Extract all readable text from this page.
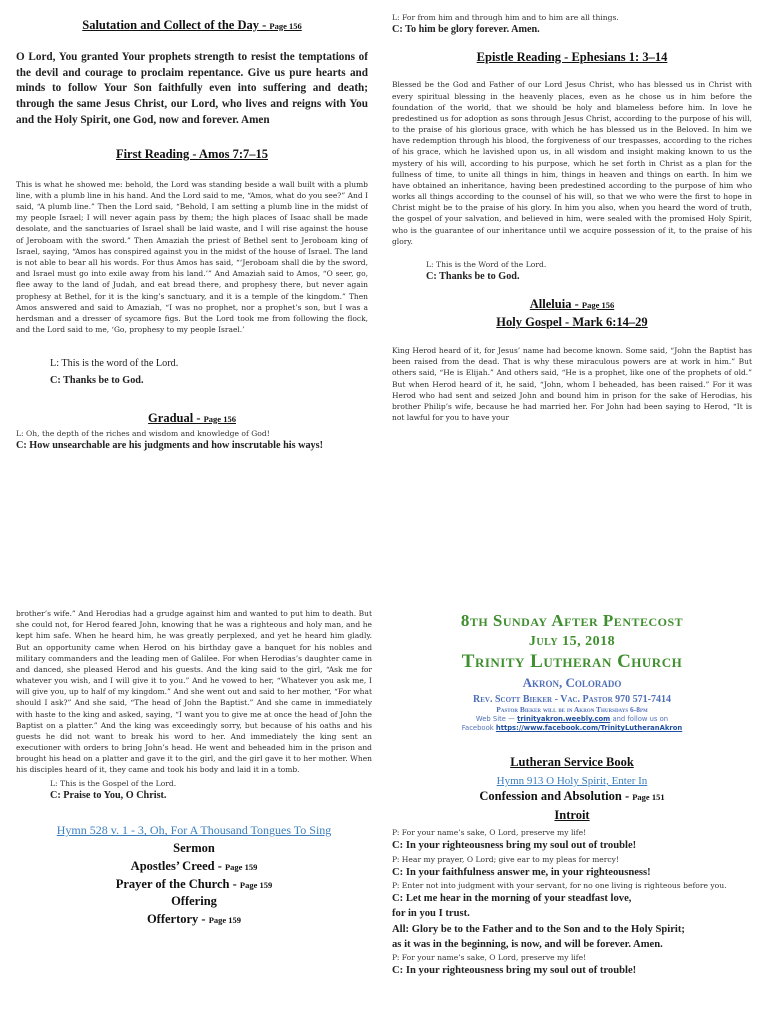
Salutation and Collect of the Day - Page 156

O Lord, You granted Your prophets strength to resist the temptations of the devil and courage to proclaim repentance. Give us pure hearts and minds to follow Your Son faithfully even into suffering and death; through the same Jesus Christ, our Lord, who lives and reigns with You and the Holy Spirit, one God, now and forever. Amen

First Reading - Amos 7:7–15

This is what he showed me: behold, the Lord was standing beside a wall built with a plumb line, with a plumb line in his hand. And the Lord said to me, “Amos, what do you see?” And I said, “A plumb line.” Then the Lord said, “Behold, I am setting a plumb line in the midst of my people Israel; I will never again pass by them; the high places of Isaac shall be made desolate, and the sanctuaries of Israel shall be laid waste, and I will rise against the house of Jeroboam with the sword.” Then Amaziah the priest of Bethel sent to Jeroboam king of Israel, saying, “Amos has conspired against you in the midst of the house of Israel. The land is not able to bear all his words. For thus Amos has said, “‘Jeroboam shall die by the sword, and Israel must go into exile away from his land.’” And Amaziah said to Amos, “O seer, go, flee away to the land of Judah, and eat bread there, and prophesy there, but never again prophesy at Bethel, for it is the king’s sanctuary, and it is a temple of the kingdom.” Then Amos answered and said to Amaziah, “I was no prophet, nor a prophet’s son, but I was a herdsman and a dresser of sycamore figs. But the Lord took me from following the flock, and the Lord said to me, ‘Go, prophesy to my people Israel.’

L: This is the word of the Lord.
C: Thanks be to God.
Gradual - Page 156
L: Oh, the depth of the riches and wisdom and knowledge of God!
C: How unsearchable are his judgments and how inscrutable his ways!
L: For from him and through him and to him are all things.
C: To him be glory forever. Amen.
Epistle Reading - Ephesians 1: 3–14

Blessed be the God and Father of our Lord Jesus Christ, who has blessed us in Christ with every spiritual blessing in the heavenly places, even as he chose us in him before the foundation of the world, that we should be holy and blameless before him. In love he predestined us for adoption as sons through Jesus Christ, according to the purpose of his will, to the praise of his glorious grace, with which he has blessed us in the Beloved. In him we have redemption through his blood, the forgiveness of our trespasses, according to the riches of his grace, which he lavished upon us, in all wisdom and insight making known to us the mystery of his will, according to his purpose, which he set forth in Christ as a plan for the fullness of time, to unite all things in him, things in heaven and things on earth. In him we have obtained an inheritance, having been predestined according to the purpose of him who works all things according to the counsel of his will, so that we who were the first to hope in Christ might be to the praise of his glory. In him you also, when you heard the word of truth, the gospel of your salvation, and believed in him, were sealed with the promised Holy Spirit, who is the guarantee of our inheritance until we acquire possession of it, to the praise of his glory.

L: This is the Word of the Lord.
C: Thanks be to God.
Alleluia - Page 156
Holy Gospel - Mark 6:14–29

King Herod heard of it, for Jesus’ name had become known. Some said, “John the Baptist has been raised from the dead. That is why these miraculous powers are at work in him.” But others said, “He is Elijah.” And others said, “He is a prophet, like one of the prophets of old.” But when Herod heard of it, he said, “John, whom I beheaded, has been raised.” For it was Herod who had sent and seized John and bound him in prison for the sake of Herodias, his brother Philip’s wife, because he had married her. For John had been saying to Herod, “It is not lawful for you to have your

brother’s wife.” And Herodias had a grudge against him and wanted to put him to death. But she could not, for Herod feared John, knowing that he was a righteous and holy man, and he kept him safe. When he heard him, he was greatly perplexed, and yet he heard him gladly. But an opportunity came when Herod on his birthday gave a banquet for his nobles and military commanders and the leading men of Galilee. For when Herodias’s daughter came in and danced, she pleased Herod and his guests. And the king said to the girl, “Ask me for whatever you wish, and I will give it to you.” And he vowed to her, “Whatever you ask me, I will give you, up to half of my kingdom.” And she went out and said to her mother, “For what should I ask?” And she said, “The head of John the Baptist.” And she came in immediately with haste to the king and asked, saying, “I want you to give me at once the head of John the Baptist on a platter.” And the king was exceedingly sorry, but because of his oaths and his guests he did not want to break his word to her. And immediately the king sent an executioner with orders to bring John’s head. He went and beheaded him in the prison and brought his head on a platter and gave it to the girl, and the girl gave it to her mother. When his disciples heard of it, they came and took his body and laid it in a tomb.

L: This is the Gospel of the Lord.
C: Praise to You, O Christ.
Hymn 528 v. 1 - 3, Oh, For A Thousand Tongues To Sing
Sermon
Apostles’ Creed - Page 159
Prayer of the Church - Page 159
Offering
Offertory - Page 159
8th Sunday After Pentecost
July 15, 2018
Trinity Lutheran Church
Akron, Colorado
Rev. Scott Bieker - Vac. Pastor 970 571-7414
Pastor Bieker will be in Akron Thursdays 6-8pm
Web Site — trinityakron.weebly.com and follow us on
Facebook https://www.facebook.com/TrinityLutheranAkron
Lutheran Service Book
Hymn 913 O Holy Spirit, Enter In
Confession and Absolution - Page 151
Introit
P: For your name’s sake, O Lord, preserve my life!
C: In your righteousness bring my soul out of trouble!
P: Hear my prayer, O Lord; give ear to my pleas for mercy!
C: In your faithfulness answer me, in your righteousness!
P: Enter not into judgment with your servant, for no one living is righteous before you.
C: Let me hear in the morning of your steadfast love,
for in you I trust.
All: Glory be to the Father and to the Son and to the Holy Spirit;
as it was in the beginning, is now, and will be forever. Amen.
P: For your name’s sake, O Lord, preserve my life!
C: In your righteousness bring my soul out of trouble!
